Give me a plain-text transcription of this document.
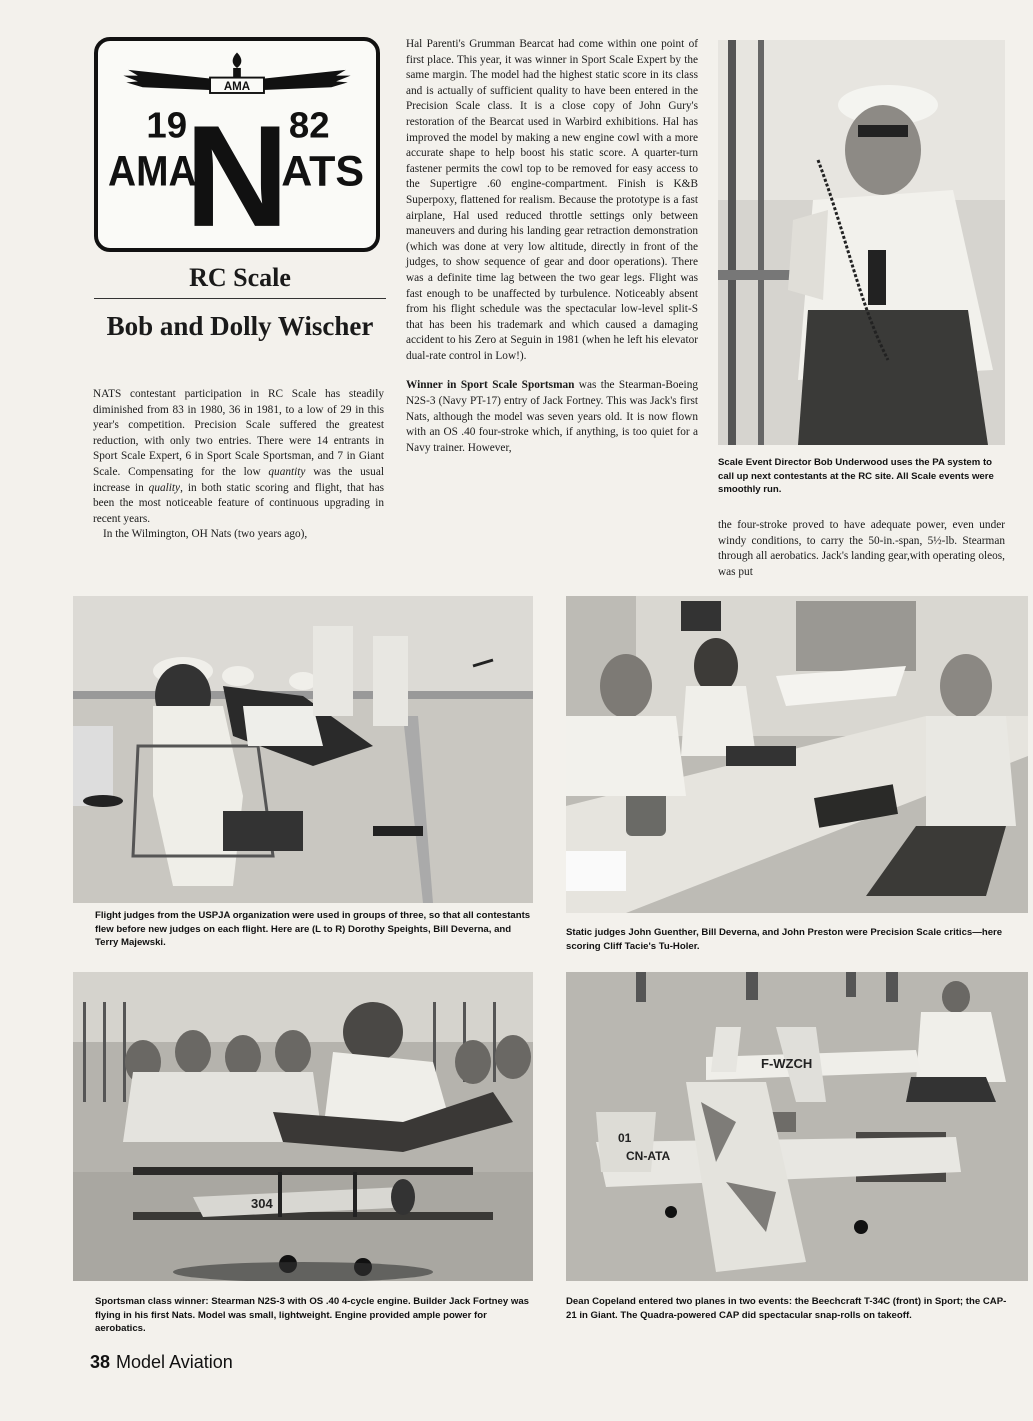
AMA
N
19	82
AMA ATS
RC Scale
Bob and Dolly Wischer

NATS contestant participation in RC Scale has steadily diminished from 83 in 1980, 36 in 1981, to a low of 29 in this year's competition. Precision Scale suffered the greatest reduction, with only two entries. There were 14 entrants in Sport Scale Expert, 6 in Sport Scale Sportsman, and 7 in Giant Scale. Compensating for the low quantity was the usual increase in quality, in both static scoring and flight, that has been the most noticeable feature of continuous upgrading in recent years.

In the Wilmington, OH Nats (two years ago),

Hal Parenti's Grumman Bearcat had come within one point of first place. This year, it was winner in Sport Scale Expert by the same margin. The model had the highest static score in its class and is actually of sufficient quality to have been entered in the Precision Scale class. It is a close copy of John Gury's restoration of the Bearcat used in Warbird exhibitions. Hal has improved the model by making a new engine cowl with a more accurate shape to help boost his static score. A quarter-turn fastener permits the cowl top to be removed for easy access to the Supertigre .60 engine-compartment. Finish is K&B Superpoxy, flattened for realism. Because the prototype is a fast airplane, Hal used reduced throttle settings only between maneuvers and during his landing gear retraction demonstration (which was done at very low altitude, directly in front of the judges, to show sequence of gear and door operations). There was a definite time lag between the two gear legs. Flight was fast enough to be unaffected by turbulence. Noticeably absent from his flight schedule was the spectacular low-level split-S that has been his trademark and which caused a damaging accident to his Zero at Seguin in 1981 (when he left his elevator dual-rate control in Low!).

Winner in Sport Scale Sportsman was the Stearman-Boeing N2S-3 (Navy PT-17) entry of Jack Fortney. This was Jack's first Nats, although the model was seven years old. It is now flown with an OS .40 four-stroke which, if anything, is too quiet for a Navy trainer. However,

the four-stroke proved to have adequate power, even under windy conditions, to carry the 50-in.-span, 5½-lb. Stearman through all aerobatics. Jack's landing gear,with operating oleos, was put

Scale Event Director Bob Underwood uses the PA system to call up next contestants at the RC site. All Scale events were smoothly run.
Flight judges from the USPJA organization were used in groups of three, so that all contestants flew before new judges on each flight. Here are (L to R) Dorothy Speights, Bill Deverna, and Terry Majewski.
Static judges John Guenther, Bill Deverna, and John Preston were Precision Scale critics—here scoring Cliff Tacie's Tu-Holer.
304
Sportsman class winner: Stearman N2S-3 with OS .40 4-cycle engine. Builder Jack Fortney was flying in his first Nats. Model was small, lightweight. Engine provided ample power for aerobatics.
F-WZCH
CN-ATA
01
Dean Copeland entered two planes in two events: the Beechcraft T-34C (front) in Sport; the CAP-21 in Giant. The Quadra-powered CAP did spectacular snap-rolls on takeoff.
38 Model Aviation
